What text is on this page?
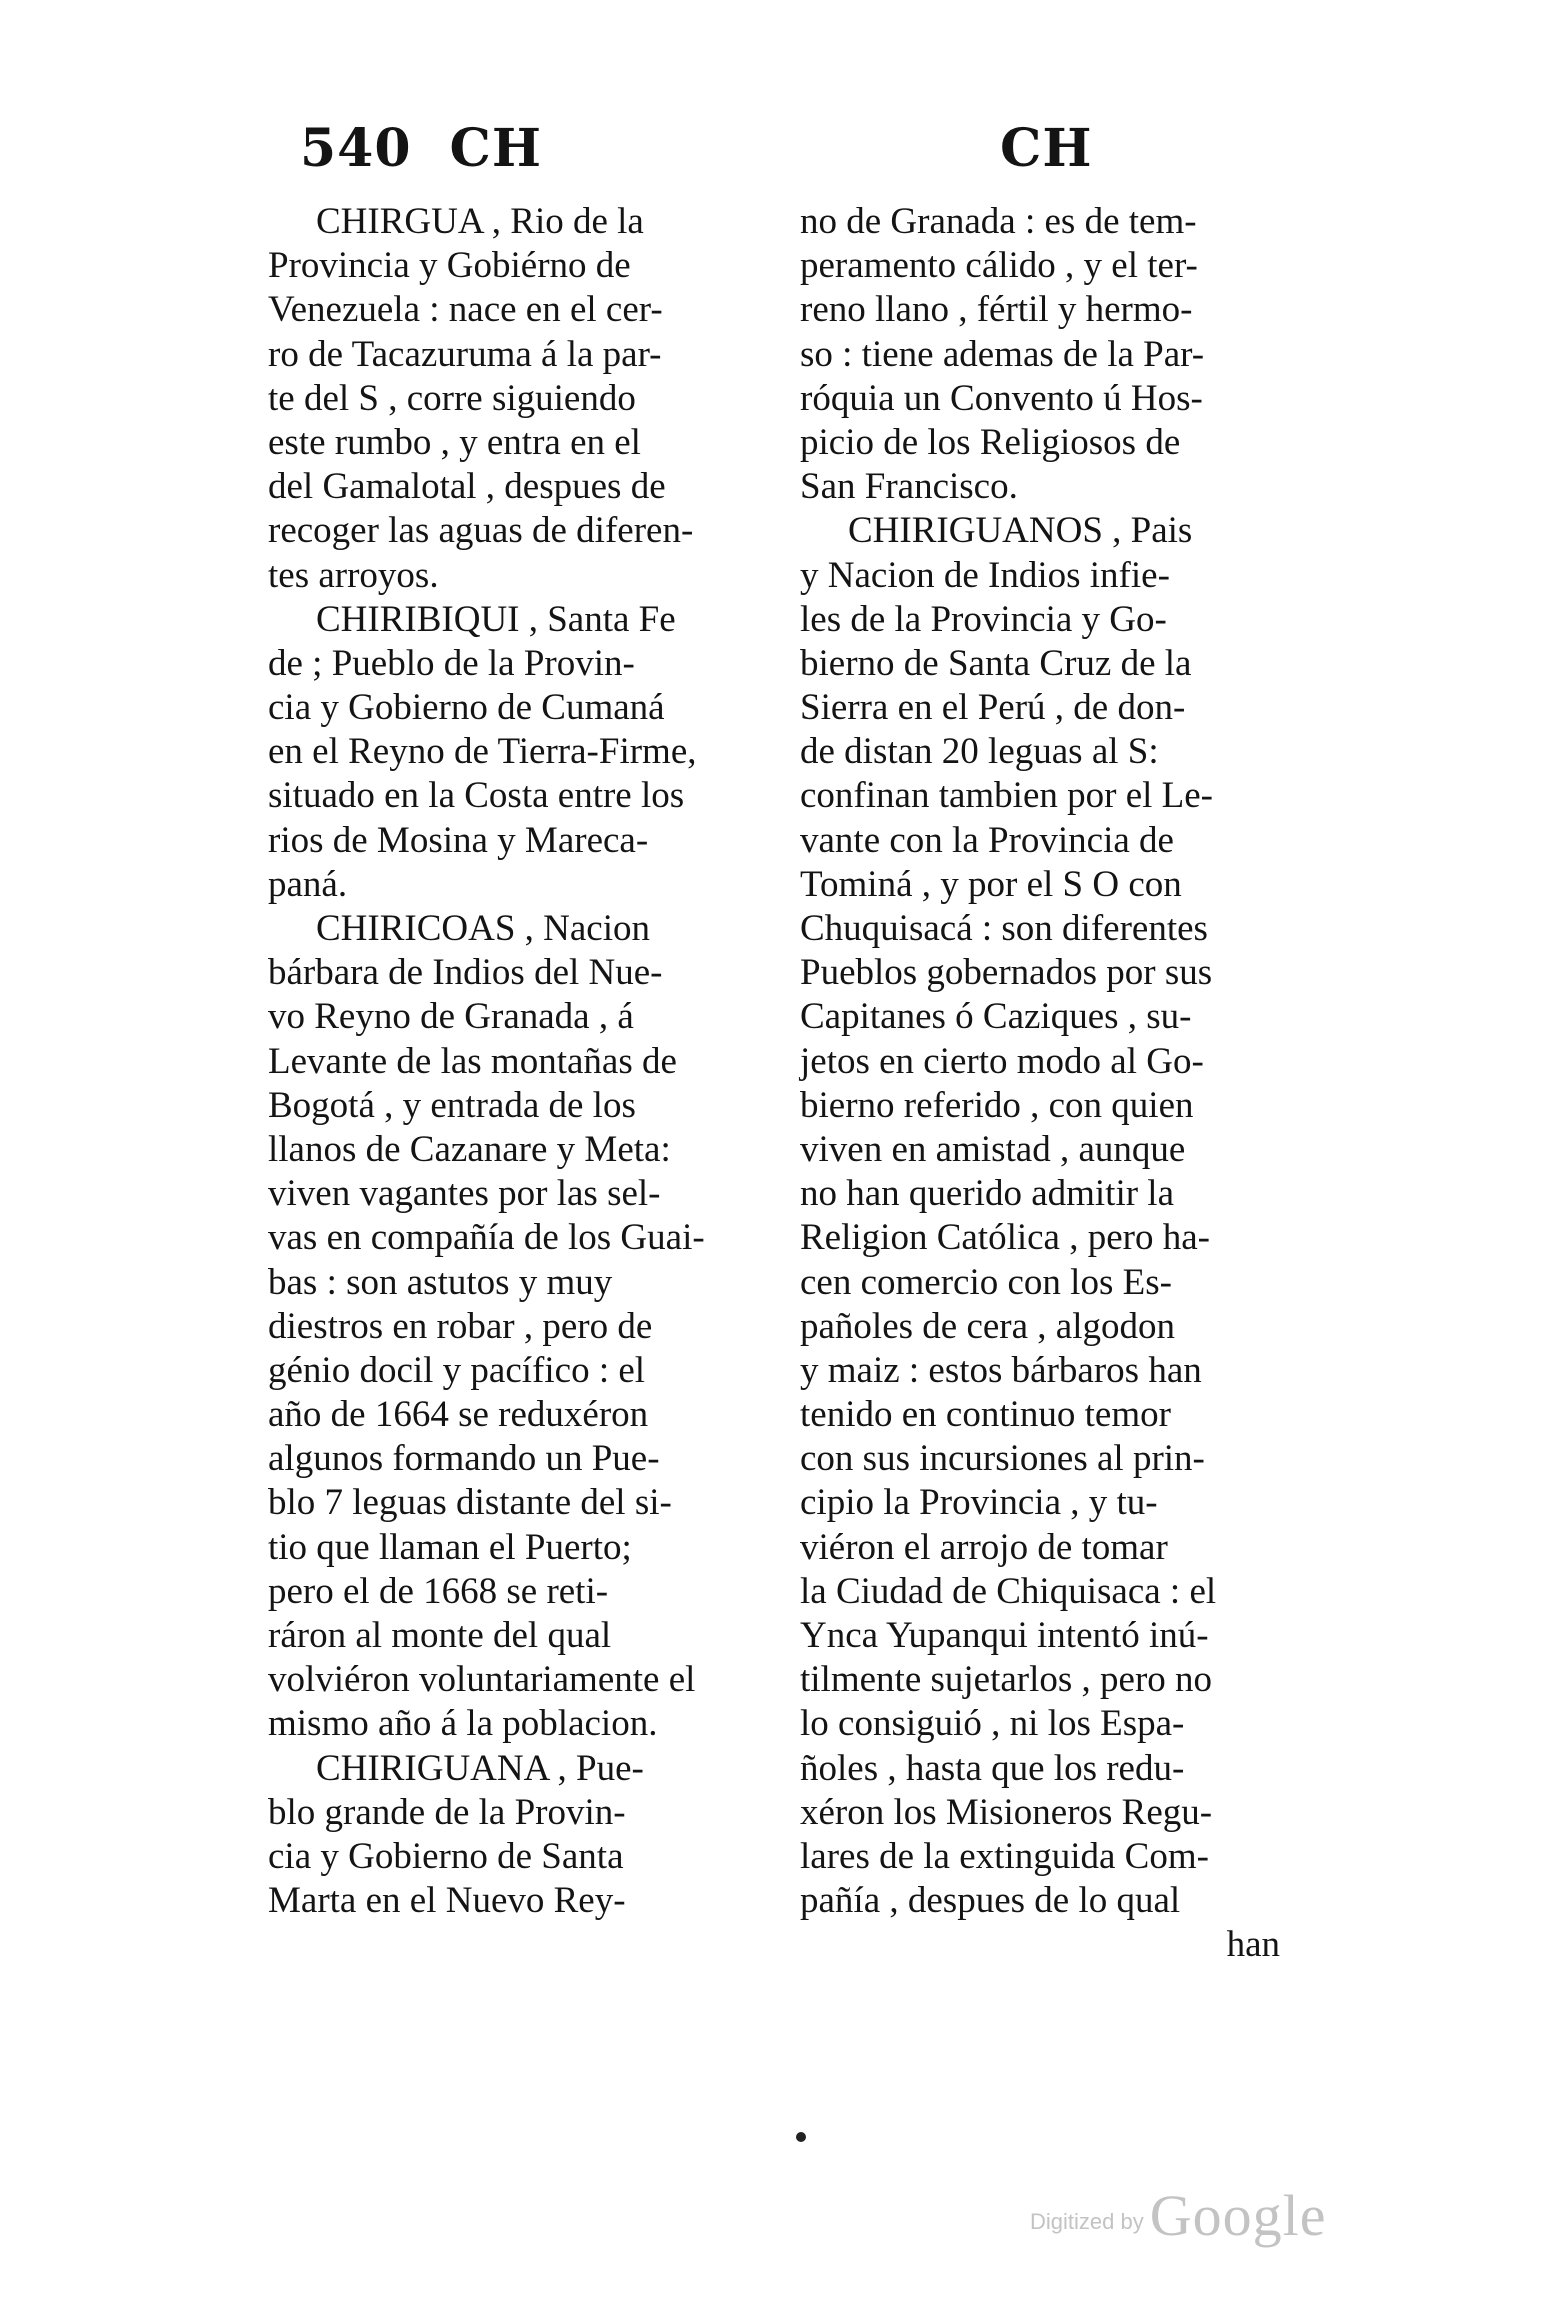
540 CH	CH
CHIRGUA , Rio de la
Provincia y Gobiérno de
Venezuela : nace en el cer-
ro de Tacazuruma á la par-
te del S , corre siguiendo
este rumbo , y entra en el
del Gamalotal , despues de
recoger las aguas de diferen-
tes arroyos.
CHIRIBIQUI , Santa Fe
de ; Pueblo de la Provin-
cia y Gobierno de Cumaná
en el Reyno de Tierra-Firme,
situado en la Costa entre los
rios de Mosina y Mareca-
paná.
CHIRICOAS , Nacion
bárbara de Indios del Nue-
vo Reyno de Granada , á
Levante de las montañas de
Bogotá , y entrada de los
llanos de Cazanare y Meta:
viven vagantes por las sel-
vas en compañía de los Guai-
bas : son astutos y muy
diestros en robar , pero de
génio docil y pacífico : el
año de 1664 se reduxéron
algunos formando un Pue-
blo 7 leguas distante del si-
tio que llaman el Puerto;
pero el de 1668 se reti-
ráron al monte del qual
volviéron voluntariamente el
mismo año á la poblacion.
CHIRIGUANA , Pue-
blo grande de la Provin-
cia y Gobierno de Santa
Marta en el Nuevo Rey-
no de Granada : es de tem-
peramento cálido , y el ter-
reno llano , fértil y hermo-
so : tiene ademas de la Par-
róquia un Convento ú Hos-
picio de los Religiosos de
San Francisco.
CHIRIGUANOS , Pais
y Nacion de Indios infie-
les de la Provincia y Go-
bierno de Santa Cruz de la
Sierra en el Perú , de don-
de distan 20 leguas al S:
confinan tambien por el Le-
vante con la Provincia de
Tominá , y por el S O con
Chuquisacá : son diferentes
Pueblos gobernados por sus
Capitanes ó Caziques , su-
jetos en cierto modo al Go-
bierno referido , con quien
viven en amistad , aunque
no han querido admitir la
Religion Católica , pero ha-
cen comercio con los Es-
pañoles de cera , algodon
y maiz : estos bárbaros han
tenido en continuo temor
con sus incursiones al prin-
cipio la Provincia , y tu-
viéron el arrojo de tomar
la Ciudad de Chiquisaca : el
Ynca Yupanqui intentó inú-
tilmente sujetarlos , pero no
lo consiguió , ni los Espa-
ñoles , hasta que los redu-
xéron los Misioneros Regu-
lares de la extinguida Com-
pañía , despues de lo qual
han
Digitized by Google
